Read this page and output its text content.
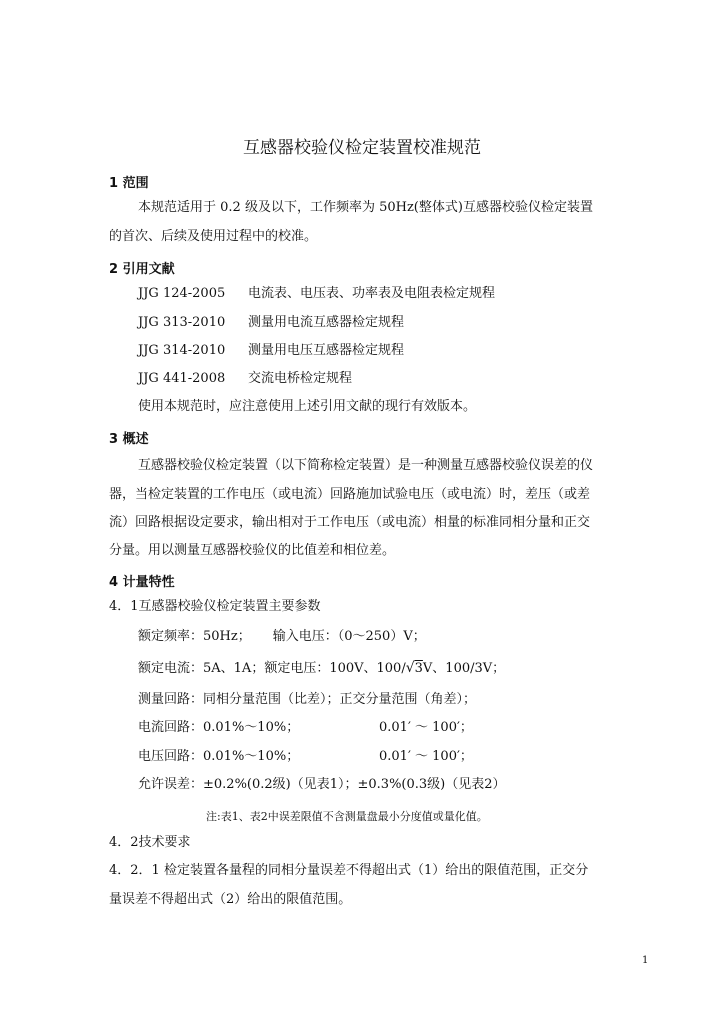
互感器校验仪检定装置校准规范
1 范围
本规范适用于 0.2 级及以下，工作频率为 50Hz(整体式)互感器校验仪检定装置
的首次、后续及使用过程中的校准。
2 引用文献
JJG 124-2005 电流表、电压表、功率表及电阻表检定规程
JJG 313-2010 测量用电流互感器检定规程
JJG 314-2010 测量用电压互感器检定规程
JJG 441-2008 交流电桥检定规程
使用本规范时，应注意使用上述引用文献的现行有效版本。
3 概述
互感器校验仪检定装置（以下简称检定装置）是一种测量互感器校验仪误差的仪
器，当检定装置的工作电压（或电流）回路施加试验电压（或电流）时，差压（或差
流）回路根据设定要求，输出相对于工作电压（或电流）相量的标准同相分量和正交
分量。用以测量互感器校验仪的比值差和相位差。
4 计量特性
4．1互感器校验仪检定装置主要参数
额定频率：50Hz； 输入电压：（0～250）V；
额定电流：5A、1A；额定电压：100V、100/√3V、100/3V；
测量回路：同相分量范围（比差）；正交分量范围（角差）；
电流回路：0.01%～10%；	0.01′ ～ 100′；
电压回路：0.01%～10%；	0.01′ ～ 100′；
允许误差：±0.2%(0.2级)（见表1）；±0.3%(0.3级)（见表2）
注:表1、表2中误差限值不含测量盘最小分度值或量化值。
4．2技术要求
4．2．1 检定装置各量程的同相分量误差不得超出式（1）给出的限值范围，正交分
量误差不得超出式（2）给出的限值范围。
1
